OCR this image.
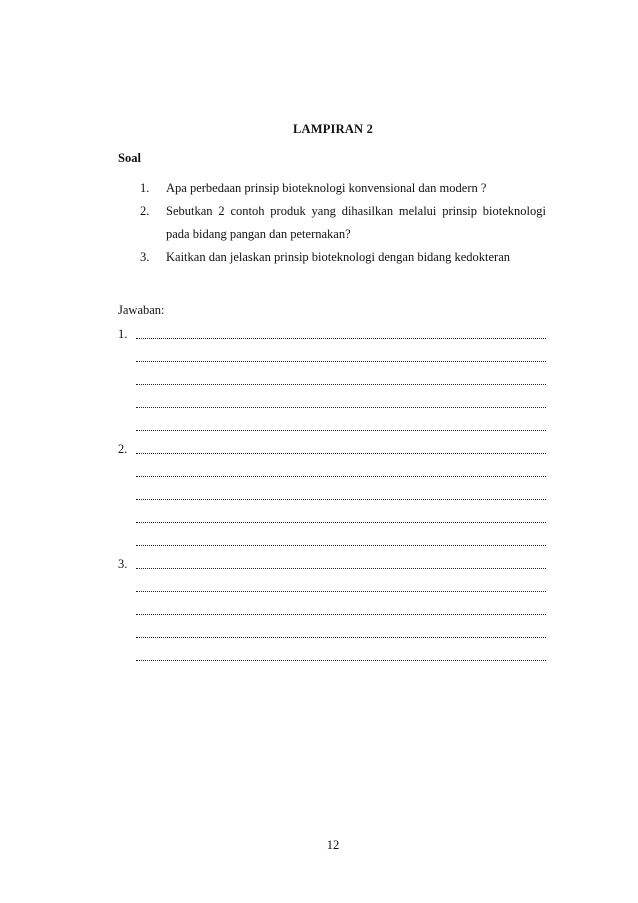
LAMPIRAN 2
Soal
1. Apa perbedaan prinsip bioteknologi konvensional dan modern ?
2. Sebutkan 2 contoh produk yang dihasilkan melalui prinsip bioteknologi
pada bidang pangan dan peternakan?
3. Kaitkan dan jelaskan prinsip bioteknologi dengan bidang kedokteran
Jawaban:
1.
2.
3.
12
